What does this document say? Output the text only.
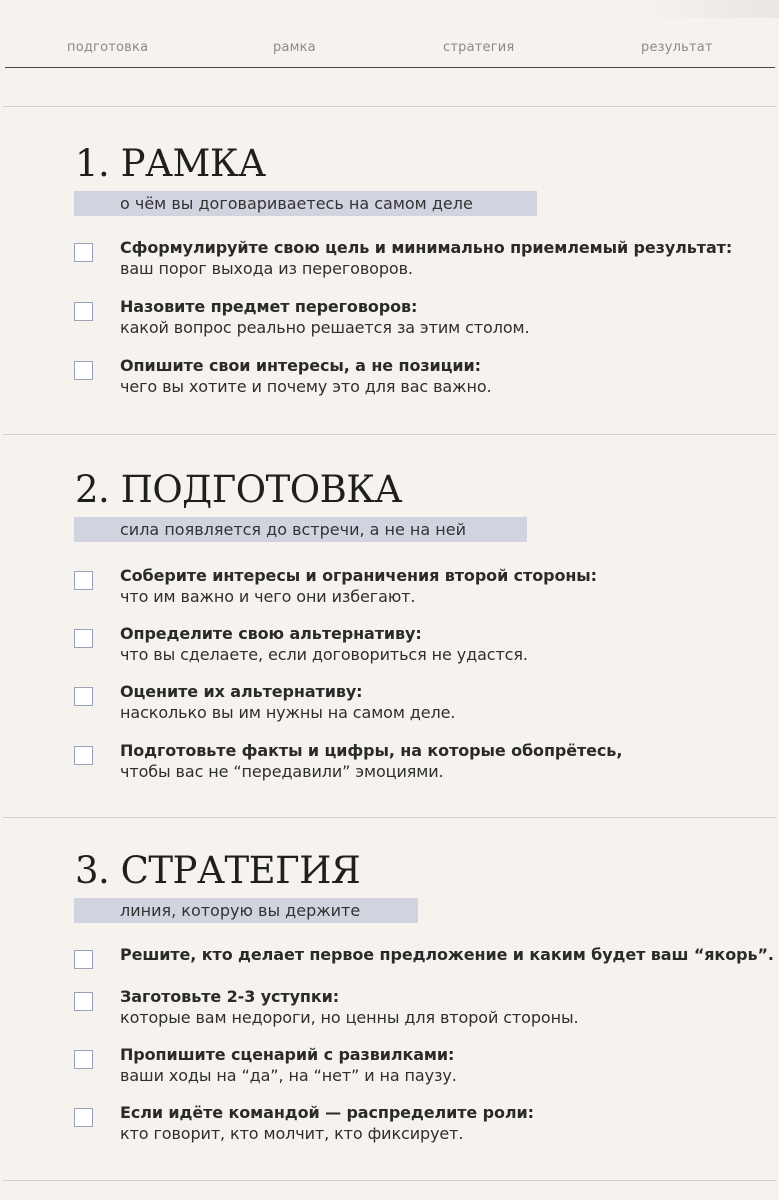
подготовка	рамка	стратегия	результат
1. РАМКА
о чём вы договариваетесь на самом деле
Сформулируйте свою цель и минимально приемлемый результат:
ваш порог выхода из переговоров.
Назовите предмет переговоров:
какой вопрос реально решается за этим столом.
Опишите свои интересы, а не позиции:
чего вы хотите и почему это для вас важно.
2. ПОДГОТОВКА
сила появляется до встречи, а не на ней
Соберите интересы и ограничения второй стороны:
что им важно и чего они избегают.
Определите свою альтернативу:
что вы сделаете, если договориться не удастся.
Оцените их альтернативу:
насколько вы им нужны на самом деле.
Подготовьте факты и цифры, на которые обопрётесь,
чтобы вас не “передавили” эмоциями.
3. СТРАТЕГИЯ
линия, которую вы держите
Решите, кто делает первое предложение и каким будет ваш “якорь”.
Заготовьте 2-3 уступки:
которые вам недороги, но ценны для второй стороны.
Пропишите сценарий с развилками:
ваши ходы на “да”, на “нет” и на паузу.
Если идёте командой — распределите роли:
кто говорит, кто молчит, кто фиксирует.
